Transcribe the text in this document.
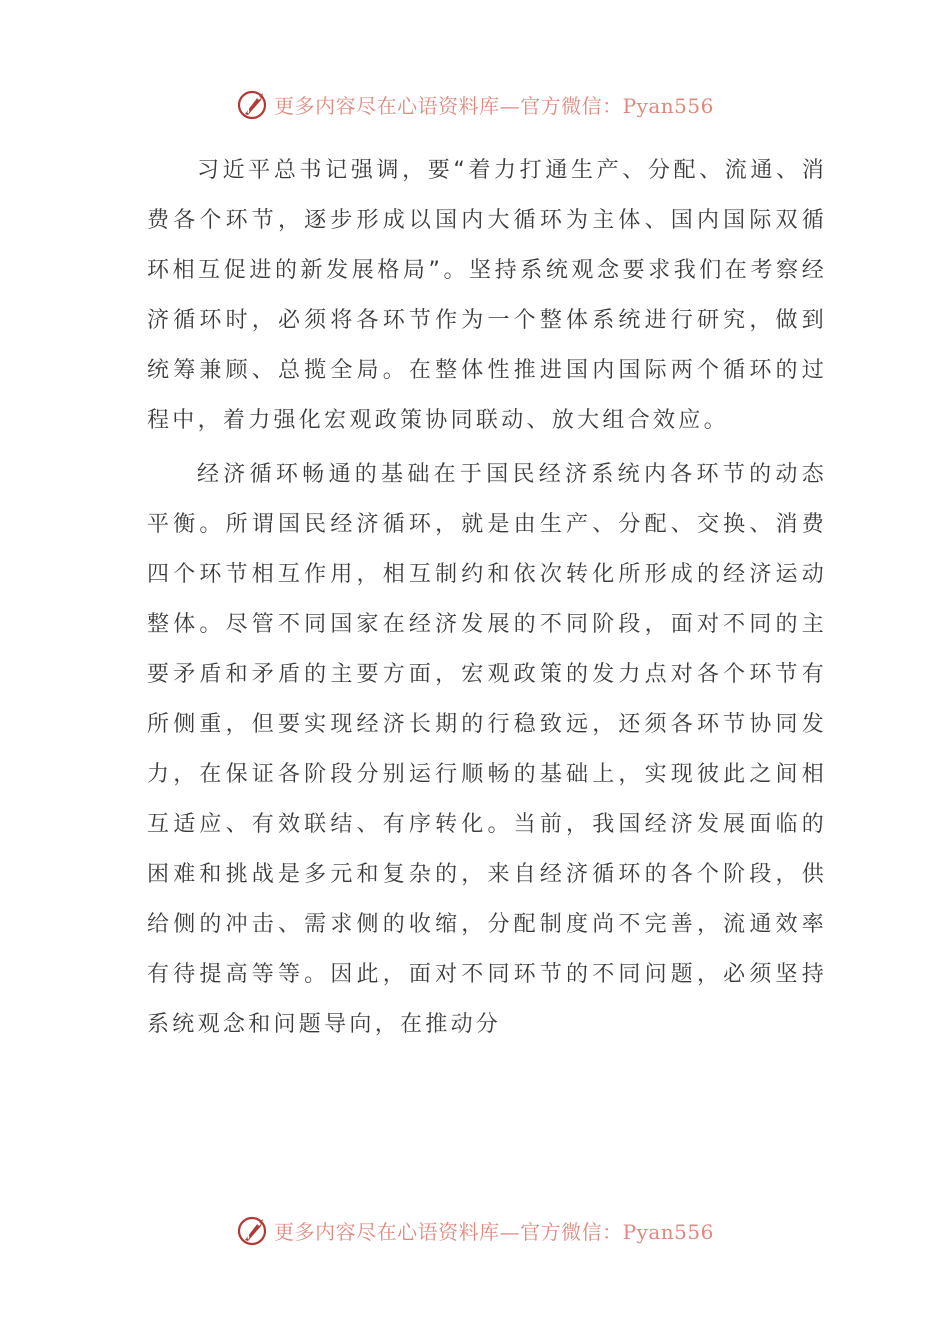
更多内容尽在心语资料库—官方微信：Pyan556

习近平总书记强调，要“着力打通生产、分配、流通、消费各个环节，逐步形成以国内大循环为主体、国内国际双循环相互促进的新发展格局”。坚持系统观念要求我们在考察经济循环时，必须将各环节作为一个整体系统进行研究，做到统筹兼顾、总揽全局。在整体性推进国内国际两个循环的过程中，着力强化宏观政策协同联动、放大组合效应。

经济循环畅通的基础在于国民经济系统内各环节的动态平衡。所谓国民经济循环，就是由生产、分配、交换、消费四个环节相互作用，相互制约和依次转化所形成的经济运动整体。尽管不同国家在经济发展的不同阶段，面对不同的主要矛盾和矛盾的主要方面，宏观政策的发力点对各个环节有所侧重，但要实现经济长期的行稳致远，还须各环节协同发力，在保证各阶段分别运行顺畅的基础上，实现彼此之间相互适应、有效联结、有序转化。当前，我国经济发展面临的困难和挑战是多元和复杂的，来自经济循环的各个阶段，供给侧的冲击、需求侧的收缩，分配制度尚不完善，流通效率有待提高等等。因此，面对不同环节的不同问题，必须坚持系统观念和问题导向，在推动分

更多内容尽在心语资料库—官方微信：Pyan556
